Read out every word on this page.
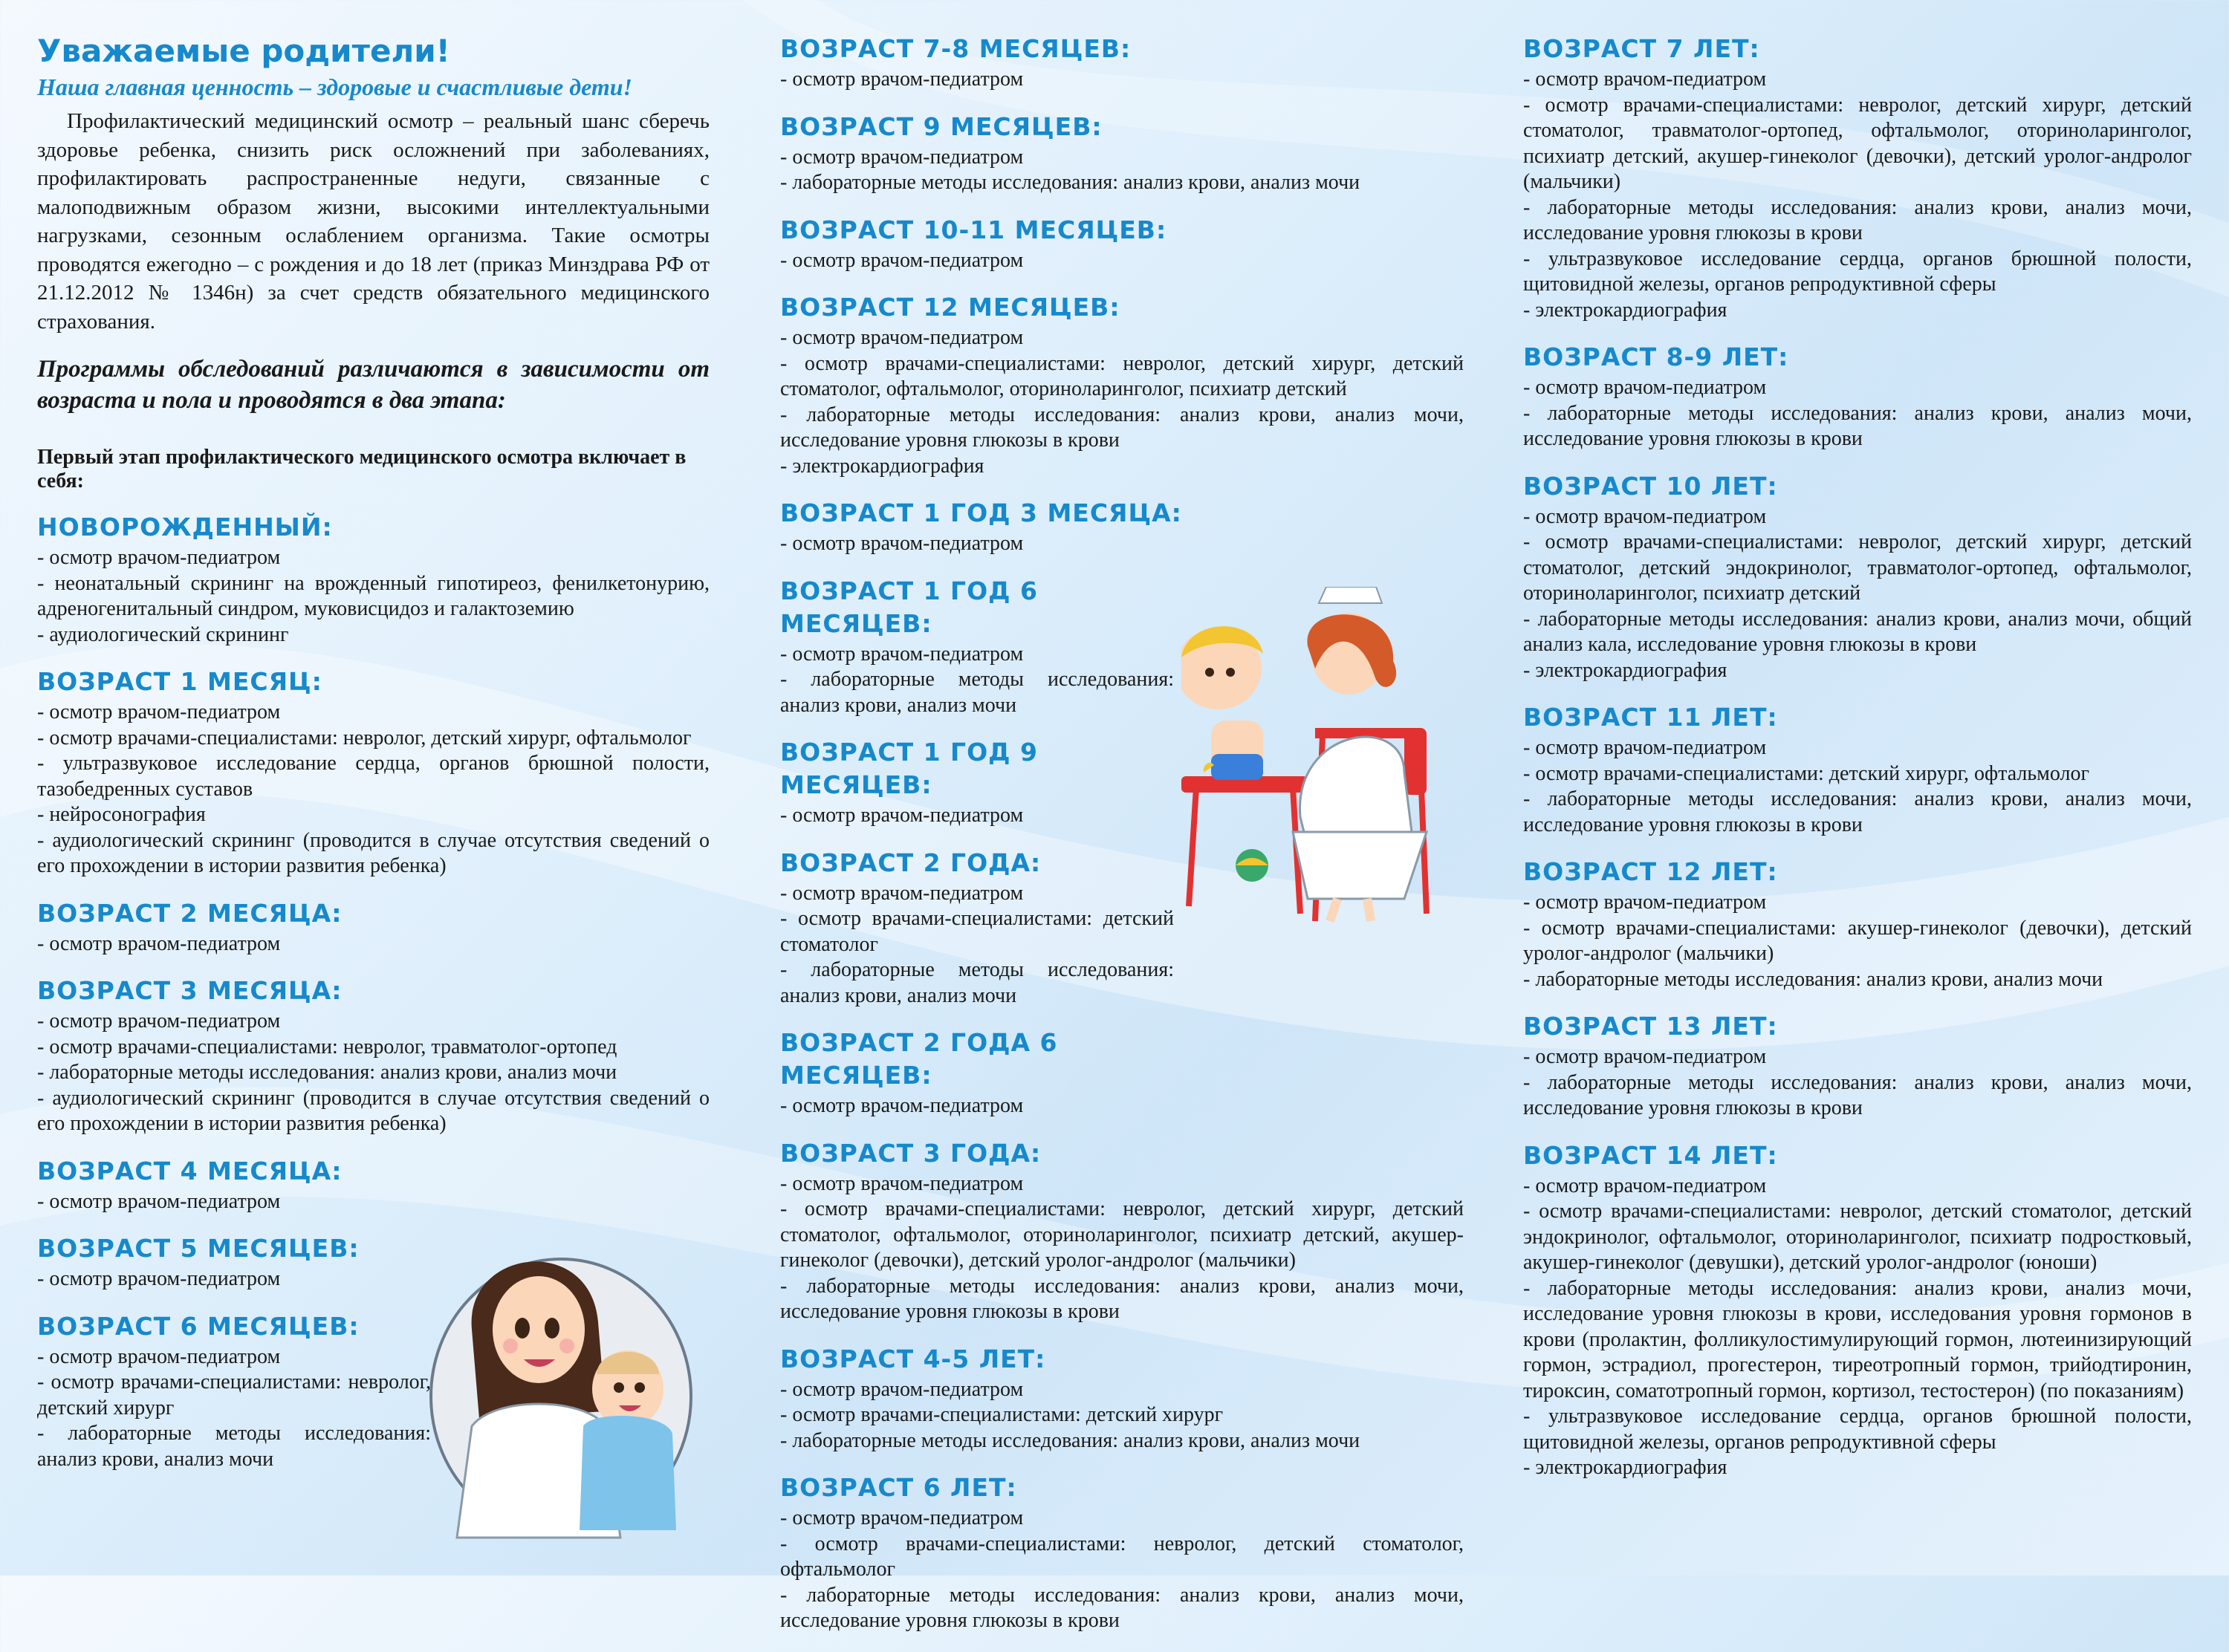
Уважаемые родители!
Наша главная ценность – здоровые и счастливые дети!

Профилактический медицинский осмотр – реальный шанс сберечь здоровье ребенка, снизить риск осложнений при заболеваниях, профилактировать распространенные недуги, связанные с малоподвижным образом жизни, высокими интеллектуальными нагрузками, сезонным ослаблением организма. Такие осмотры проводятся ежегодно – с рождения и до 18 лет (приказ Минздрава РФ от 21.12.2012 № 1346н) за счет средств обязательного медицинского страхования.

Программы обследований различаются в зависимости от возраста и пола и проводятся в два этапа:

Первый этап профилактического медицинского осмотра включает в себя:

НОВОРОЖДЕННЫЙ:

- осмотр врачом-педиатром

- неонатальный скрининг на врожденный гипотиреоз, фенилкетонурию, адреногенитальный синдром, муковисцидоз и галактоземию

- аудиологический скрининг

ВОЗРАСТ 1 МЕСЯЦ:

- осмотр врачом-педиатром

- осмотр врачами-специалистами: невролог, детский хирург, офтальмолог

- ультразвуковое исследование сердца, органов брюшной полости, тазобедренных суставов

- нейросонография

- аудиологический скрининг (проводится в случае отсутствия сведений о его прохождении в истории развития ребенка)

ВОЗРАСТ 2 МЕСЯЦА:

- осмотр врачом-педиатром

ВОЗРАСТ 3 МЕСЯЦА:

- осмотр врачом-педиатром

- осмотр врачами-специалистами: невролог, травматолог-ортопед

- лабораторные методы исследования: анализ крови, анализ мочи

- аудиологический скрининг (проводится в случае отсутствия сведений о его прохождении в истории развития ребенка)

ВОЗРАСТ 4 МЕСЯЦА:

- осмотр врачом-педиатром

ВОЗРАСТ 5 МЕСЯЦЕВ:

- осмотр врачом-педиатром

ВОЗРАСТ 6 МЕСЯЦЕВ:

- осмотр врачом-педиатром

- осмотр врачами-специалистами: невролог, детский хирург

- лабораторные методы исследования: анализ крови, анализ мочи

ВОЗРАСТ 7-8 МЕСЯЦЕВ:

- осмотр врачом-педиатром

ВОЗРАСТ 9 МЕСЯЦЕВ:

- осмотр врачом-педиатром

- лабораторные методы исследования: анализ крови, анализ мочи

ВОЗРАСТ 10-11 МЕСЯЦЕВ:

- осмотр врачом-педиатром

ВОЗРАСТ 12 МЕСЯЦЕВ:

- осмотр врачом-педиатром

- осмотр врачами-специалистами: невролог, детский хирург, детский стоматолог, офтальмолог, оториноларинголог, психиатр детский

- лабораторные методы исследования: анализ крови, анализ мочи, исследование уровня глюкозы в крови

- электрокардиография

ВОЗРАСТ 1 ГОД 3 МЕСЯЦА:

- осмотр врачом-педиатром

ВОЗРАСТ 1 ГОД 6 МЕСЯЦЕВ:

- осмотр врачом-педиатром

- лабораторные методы исследования: анализ крови, анализ мочи

ВОЗРАСТ 1 ГОД 9 МЕСЯЦЕВ:

- осмотр врачом-педиатром

ВОЗРАСТ 2 ГОДА:

- осмотр врачом-педиатром

- осмотр врачами-специалистами: детский стоматолог

- лабораторные методы исследования: анализ крови, анализ мочи

ВОЗРАСТ 2 ГОДА 6 МЕСЯЦЕВ:

- осмотр врачом-педиатром

ВОЗРАСТ 3 ГОДА:

- осмотр врачом-педиатром

- осмотр врачами-специалистами: невролог, детский хирург, детский стоматолог, офтальмолог, оториноларинголог, психиатр детский, акушер-гинеколог (девочки), детский уролог-андролог (мальчики)

- лабораторные методы исследования: анализ крови, анализ мочи, исследование уровня глюкозы в крови

ВОЗРАСТ 4-5 ЛЕТ:

- осмотр врачом-педиатром

- осмотр врачами-специалистами: детский хирург

- лабораторные методы исследования: анализ крови, анализ мочи

ВОЗРАСТ 6 ЛЕТ:

- осмотр врачом-педиатром

- осмотр врачами-специалистами: невролог, детский стоматолог, офтальмолог

- лабораторные методы исследования: анализ крови, анализ мочи, исследование уровня глюкозы в крови

ВОЗРАСТ 7 ЛЕТ:

- осмотр врачом-педиатром

- осмотр врачами-специалистами: невролог, детский хирург, детский стоматолог, травматолог-ортопед, офтальмолог, оториноларинголог, психиатр детский, акушер-гинеколог (девочки), детский уролог-андролог (мальчики)

- лабораторные методы исследования: анализ крови, анализ мочи, исследование уровня глюкозы в крови

- ультразвуковое исследование сердца, органов брюшной полости, щитовидной железы, органов репродуктивной сферы

- электрокардиография

ВОЗРАСТ 8-9 ЛЕТ:

- осмотр врачом-педиатром

- лабораторные методы исследования: анализ крови, анализ мочи, исследование уровня глюкозы в крови

ВОЗРАСТ 10 ЛЕТ:

- осмотр врачом-педиатром

- осмотр врачами-специалистами: невролог, детский хирург, детский стоматолог, детский эндокринолог, травматолог-ортопед, офтальмолог, оториноларинголог, психиатр детский

- лабораторные методы исследования: анализ крови, анализ мочи, общий анализ кала, исследование уровня глюкозы в крови

- электрокардиография

ВОЗРАСТ 11 ЛЕТ:

- осмотр врачом-педиатром

- осмотр врачами-специалистами: детский хирург, офтальмолог

- лабораторные методы исследования: анализ крови, анализ мочи, исследование уровня глюкозы в крови

ВОЗРАСТ 12 ЛЕТ:

- осмотр врачом-педиатром

- осмотр врачами-специалистами: акушер-гинеколог (девочки), детский уролог-андролог (мальчики)

- лабораторные методы исследования: анализ крови, анализ мочи

ВОЗРАСТ 13 ЛЕТ:

- осмотр врачом-педиатром

- лабораторные методы исследования: анализ крови, анализ мочи, исследование уровня глюкозы в крови

ВОЗРАСТ 14 ЛЕТ:

- осмотр врачом-педиатром

- осмотр врачами-специалистами: невролог, детский стоматолог, детский эндокринолог, офтальмолог, оториноларинголог, психиатр подростковый, акушер-гинеколог (девушки), детский уролог-андролог (юноши)

- лабораторные методы исследования: анализ крови, анализ мочи, исследование уровня глюкозы в крови, исследования уровня гормонов в крови (пролактин, фолликулостимулирующий гормон, лютеинизирующий гормон, эстрадиол, прогестерон, тиреотропный гормон, трийодтиронин, тироксин, соматотропный гормон, кортизол, тестостерон) (по показаниям)

- ультразвуковое исследование сердца, органов брюшной полости, щитовидной железы, органов репродуктивной сферы

- электрокардиография
